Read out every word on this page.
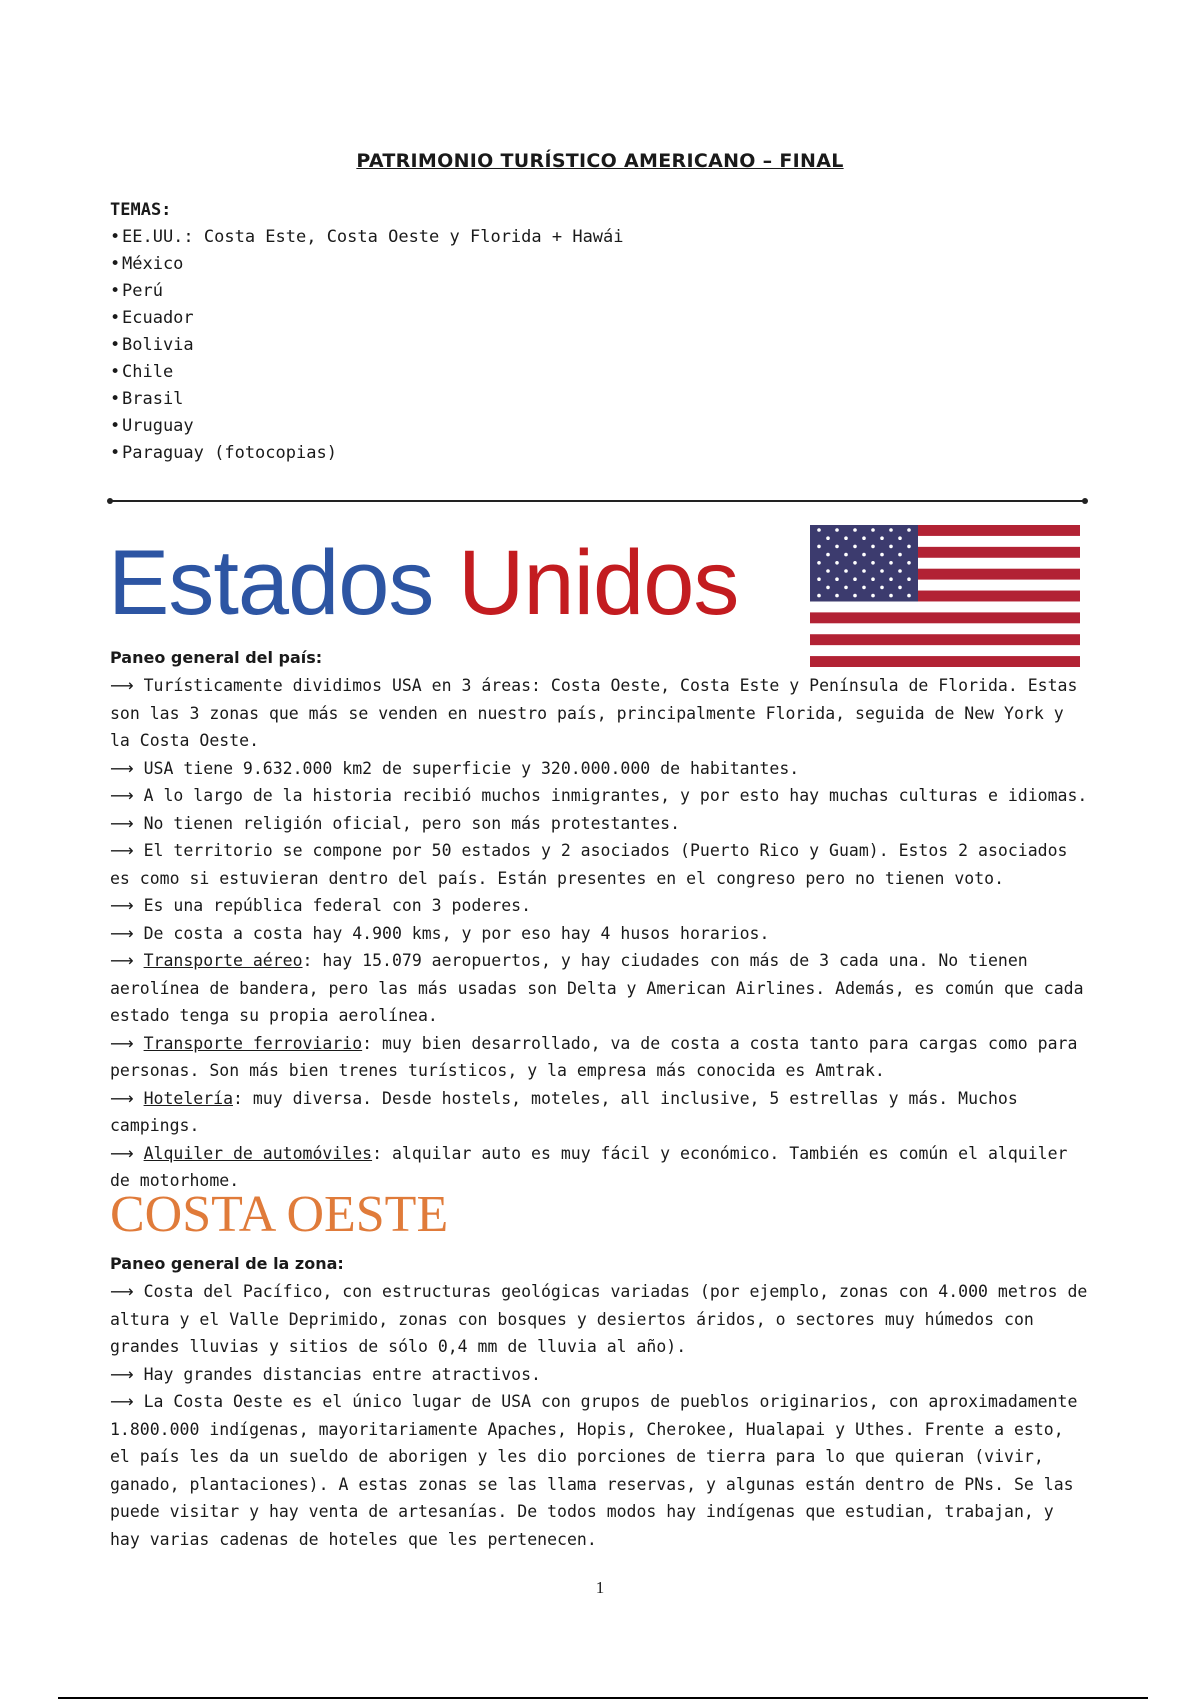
PATRIMONIO TURÍSTICO AMERICANO – FINAL
TEMAS:
• EE.UU.: Costa Este, Costa Oeste y Florida + Hawái
• México
• Perú
• Ecuador
• Bolivia
• Chile
• Brasil
• Uruguay
• Paraguay (fotocopias)
Estados Unidos
Paneo general del país:

⟶ Turísticamente dividimos USA en 3 áreas: Costa Oeste, Costa Este y Península de Florida. Estas son las 3 zonas que más se venden en nuestro país, principalmente Florida, seguida de New York y la Costa Oeste.

⟶ USA tiene 9.632.000 km2 de superficie y 320.000.000 de habitantes.

⟶ A lo largo de la historia recibió muchos inmigrantes, y por esto hay muchas culturas e idiomas.

⟶ No tienen religión oficial, pero son más protestantes.

⟶ El territorio se compone por 50 estados y 2 asociados (Puerto Rico y Guam). Estos 2 asociados es como si estuvieran dentro del país. Están presentes en el congreso pero no tienen voto.

⟶ Es una república federal con 3 poderes.

⟶ De costa a costa hay 4.900 kms, y por eso hay 4 husos horarios.

⟶ Transporte aéreo: hay 15.079 aeropuertos, y hay ciudades con más de 3 cada una. No tienen aerolínea de bandera, pero las más usadas son Delta y American Airlines. Además, es común que cada estado tenga su propia aerolínea.

⟶ Transporte ferroviario: muy bien desarrollado, va de costa a costa tanto para cargas como para personas. Son más bien trenes turísticos, y la empresa más conocida es Amtrak.

⟶ Hotelería: muy diversa. Desde hostels, moteles, all inclusive, 5 estrellas y más. Muchos campings.

⟶ Alquiler de automóviles: alquilar auto es muy fácil y económico. También es común el alquiler de motorhome.

COSTA OESTE
Paneo general de la zona:

⟶ Costa del Pacífico, con estructuras geológicas variadas (por ejemplo, zonas con 4.000 metros de altura y el Valle Deprimido, zonas con bosques y desiertos áridos, o sectores muy húmedos con grandes lluvias y sitios de sólo 0,4 mm de lluvia al año).

⟶ Hay grandes distancias entre atractivos.

⟶ La Costa Oeste es el único lugar de USA con grupos de pueblos originarios, con aproximadamente 1.800.000 indígenas, mayoritariamente Apaches, Hopis, Cherokee, Hualapai y Uthes. Frente a esto, el país les da un sueldo de aborigen y les dio porciones de tierra para lo que quieran (vivir, ganado, plantaciones). A estas zonas se las llama reservas, y algunas están dentro de PNs. Se las puede visitar y hay venta de artesanías. De todos modos hay indígenas que estudian, trabajan, y hay varias cadenas de hoteles que les pertenecen.

1
